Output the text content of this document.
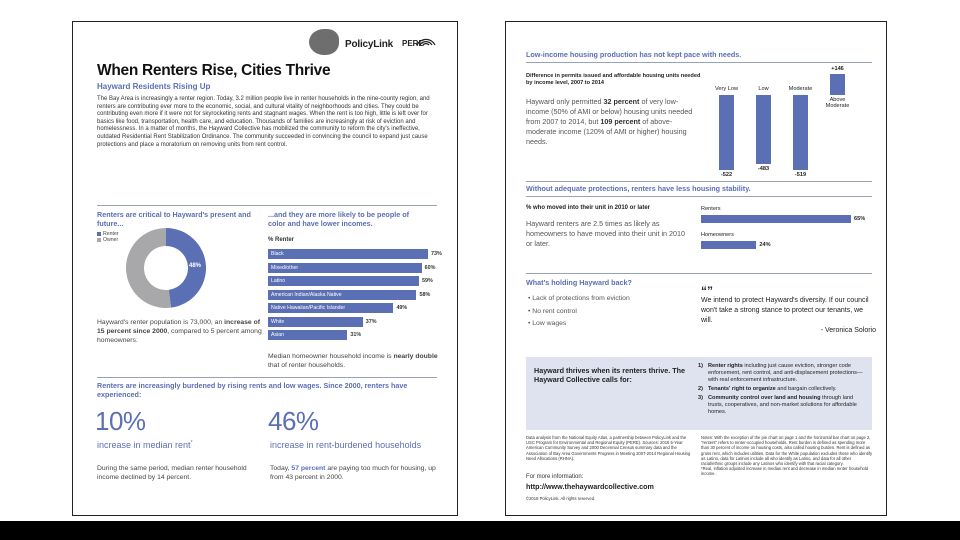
PolicyLink PERE
When Renters Rise, Cities Thrive
Hayward Residents Rising Up
The Bay Area is increasingly a renter region. Today, 3.2 million people live in renter households in the nine-county region, and renters are contributing ever more to the economic, social, and cultural vitality of neighborhoods and cities. They could be contributing even more if it were not for skyrocketing rents and stagnant wages. When the rent is too high, little is left over for basics like food, transportation, health care, and education. Thousands of families are increasingly at risk of eviction and homelessness. In a matter of months, the Hayward Collective has mobilized the community to reform the city's ineffective, outdated Residential Rent Stabilization Ordinance. The community succeeded in convincing the council to expand just cause protections and place a moratorium on removing units from rent control.
Renters are critical to Hayward's present and future...
Renter
Owner
48%
Hayward's renter population is 73,000, an increase of 15 percent since 2000, compared to 5 percent among homeowners.
...and they are more likely to be people of color and have lower incomes.
% Renter
Black	73%
Mixed/other	60%
Latino	59%
American Indian/Alaska Native	58%
Native Hawaiian/Pacific Islander	49%
White	37%
Asian	31%
Median homeowner household income is nearly double that of renter households.
Renters are increasingly burdened by rising rents and low wages. Since 2000, renters have experienced:
10%
increase in median rent*
During the same period, median renter household income declined by 14 percent.
46%
increase in rent-burdened households
Today, 57 percent are paying too much for housing, up from 43 percent in 2000.
Low-income housing production has not kept pace with needs.
Difference in permits issued and affordable housing units needed by income level, 2007 to 2014
Hayward only permitted 32 percent of very low-income (50% of AMI or below) housing units needed from 2007 to 2014, but 109 percent of above-moderate income (120% of AMI or higher) housing needs.
Very Low
-522
Low
-483
Moderate
-519
Above Moderate
+146
Without adequate protections, renters have less housing stability.
% who moved into their unit in 2010 or later
Hayward renters are 2.5 times as likely as homeowners to have moved into their unit in 2010 or later.
Renters
65%
Homeowners
24%
What's holding Hayward back?
• Lack of protections from eviction
• No rent control
• Low wages
“”
We intend to protect Hayward's diversity. If our council won't take a strong stance to protect our tenants, we will.
- Veronica Solorio
Hayward thrives when its renters thrive. The Hayward Collective calls for:
1) Renter rights including just cause eviction, stronger code enforcement, rent control, and anti-displacement protections—with real enforcement infrastructure.
2) Tenants' right to organize and bargain collectively.
3) Community control over land and housing through land trusts, cooperatives, and non-market solutions for affordable homes.
Data analysis from the National Equity Atlas, a partnership between PolicyLink and the USC Program for Environmental and Regional Equity (PERE). Sources: 2016 5-Year American Community Survey and 2000 Decennial Census summary data and the Association of Bay Area Governments Progress in Meeting 2007-2014 Regional Housing Need Allocations (RHNA).
For more information:
http://www.thehaywardcollective.com
©2018 PolicyLink. All rights reserved.
Notes: With the exception of the pie chart on page 1 and the horizontal bar chart on page 2, "renters" refers to renter-occupied households. Rent burden is defined as spending more than 30 percent of income on housing costs, also called housing burden. Rent is defined as gross rent, which includes utilities. Data for the White population excludes those who identify as Latino, data for Latinos include all who identify as Latino, and data for all other racial/ethnic groups include any Latinos who identify with that racial category.
*Real, inflation adjusted increase in median rent and decrease in median renter household income.
